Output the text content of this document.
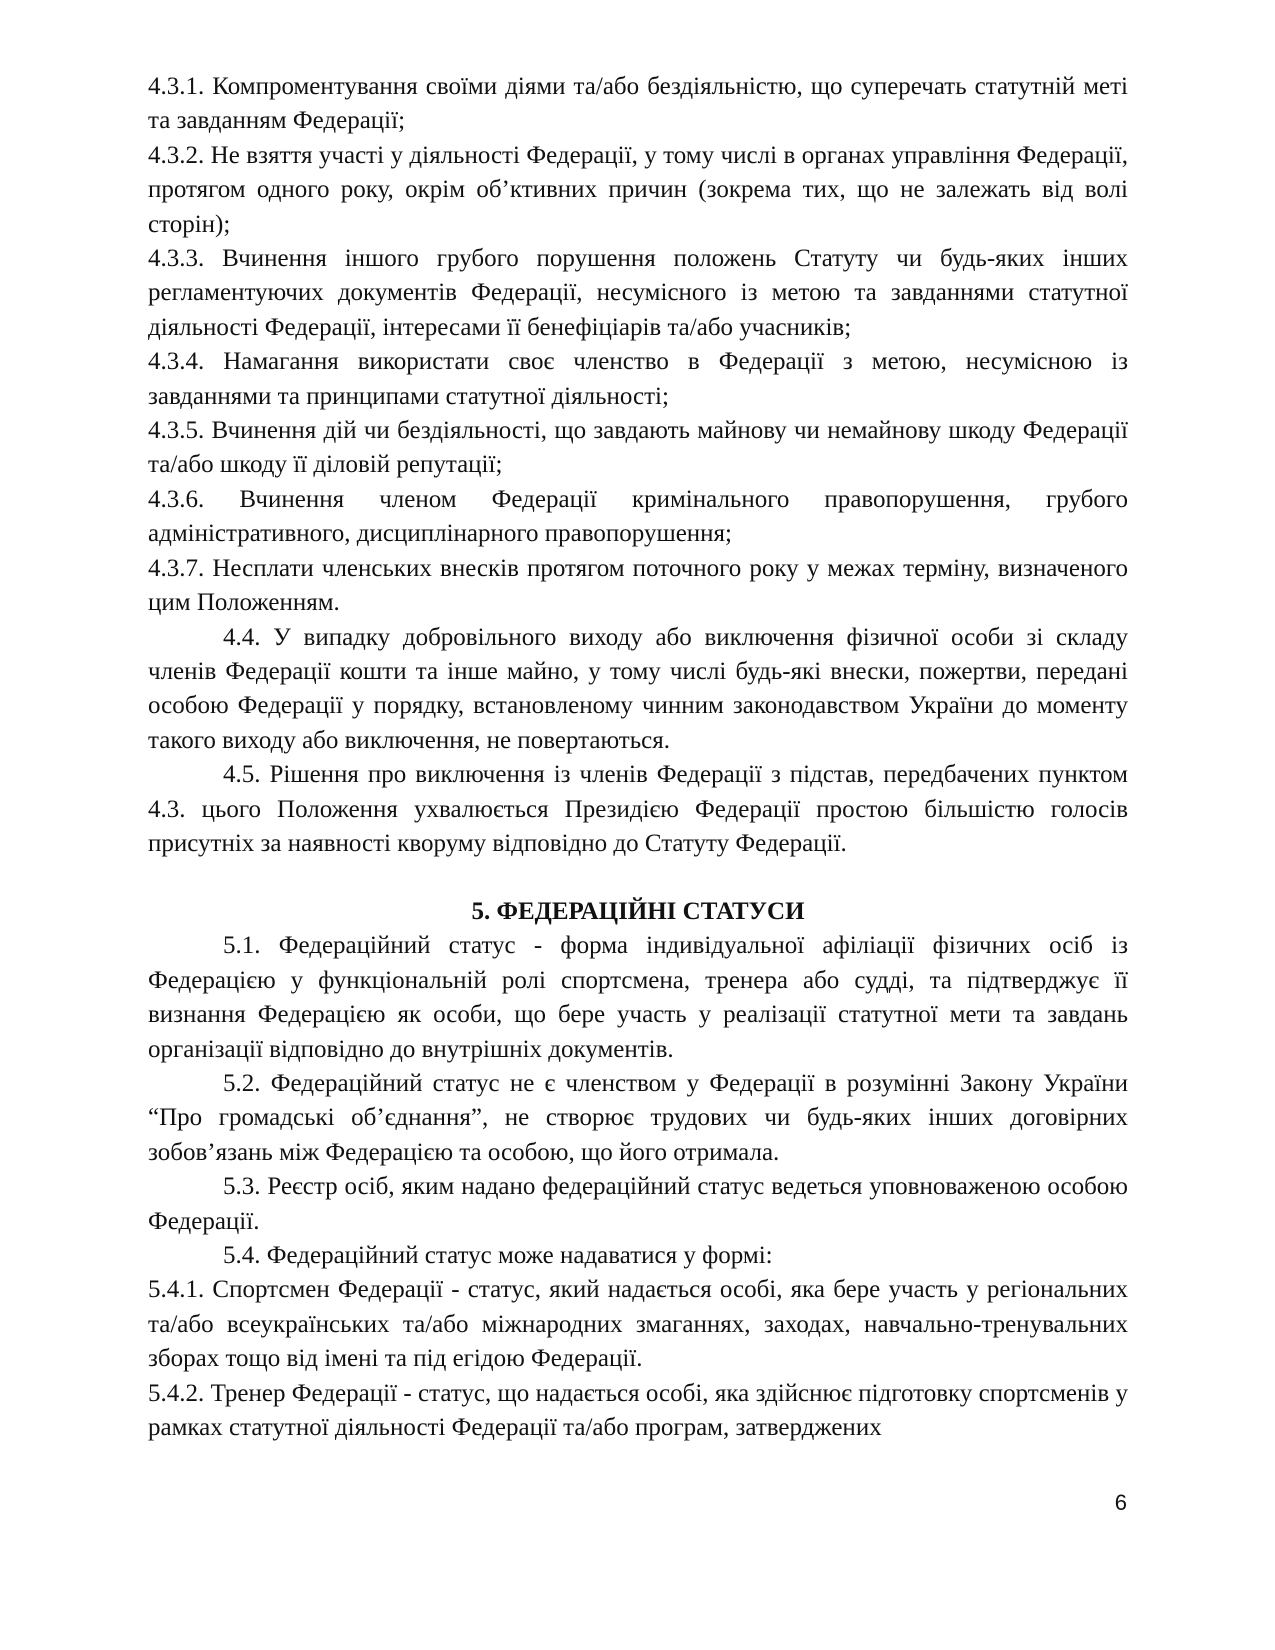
4.3.1. Компроментування своїми діями та/або бездіяльністю, що суперечать статутній меті та завданням Федерації;

4.3.2. Не взяття участі у діяльності Федерації, у тому числі в органах управління Федерації, протягом одного року, окрім об’ктивних причин (зокрема тих, що не залежать від волі сторін);

4.3.3. Вчинення іншого грубого порушення положень Статуту чи будь-яких інших регламентуючих документів Федерації, несумісного із метою та завданнями статутної діяльності Федерації, інтересами її бенефіціарів та/або учасників;

4.3.4. Намагання використати своє членство в Федерації з метою, несумісною із завданнями та принципами статутної діяльності;

4.3.5. Вчинення дій чи бездіяльності, що завдають майнову чи немайнову шкоду Федерації та/або шкоду її діловій репутації;

4.3.6. Вчинення членом Федерації кримінального правопорушення, грубого адміністративного, дисциплінарного правопорушення;

4.3.7. Несплати членських внесків протягом поточного року у межах терміну, визначеного цим Положенням.

4.4. У випадку добровільного виходу або виключення фізичної особи зі складу членів Федерації кошти та інше майно, у тому числі будь-які внески, пожертви, передані особою Федерації у порядку, встановленому чинним законодавством України до моменту такого виходу або виключення, не повертаються.

4.5. Рішення про виключення із членів Федерації з підстав, передбачених пунктом 4.3. цього Положення ухвалюється Президією Федерації простою більшістю голосів присутніх за наявності кворуму відповідно до Статуту Федерації.

5. ФЕДЕРАЦІЙНІ СТАТУСИ

5.1. Федераційний статус - форма індивідуальної афіліації фізичних осіб із Федерацією у функціональній ролі спортсмена, тренера або судді, та підтверджує її визнання Федерацією як особи, що бере участь у реалізації статутної мети та завдань організації відповідно до внутрішніх документів.

5.2. Федераційний статус не є членством у Федерації в розумінні Закону України “Про громадські об’єднання”, не створює трудових чи будь-яких інших договірних зобов’язань між Федерацією та особою, що його отримала.

5.3. Реєстр осіб, яким надано федераційний статус ведеться уповноваженою особою Федерації.

5.4. Федераційний статус може надаватися у формі:

5.4.1. Спортсмен Федерації - статус, який надається особі, яка бере участь у регіональних та/або всеукраїнських та/або міжнародних змаганнях, заходах, навчально-тренувальних зборах тощо від імені та під егідою Федерації.

5.4.2. Тренер Федерації - статус, що надається особі, яка здійснює підготовку спортсменів у рамках статутної діяльності Федерації та/або програм, затверджених

6
